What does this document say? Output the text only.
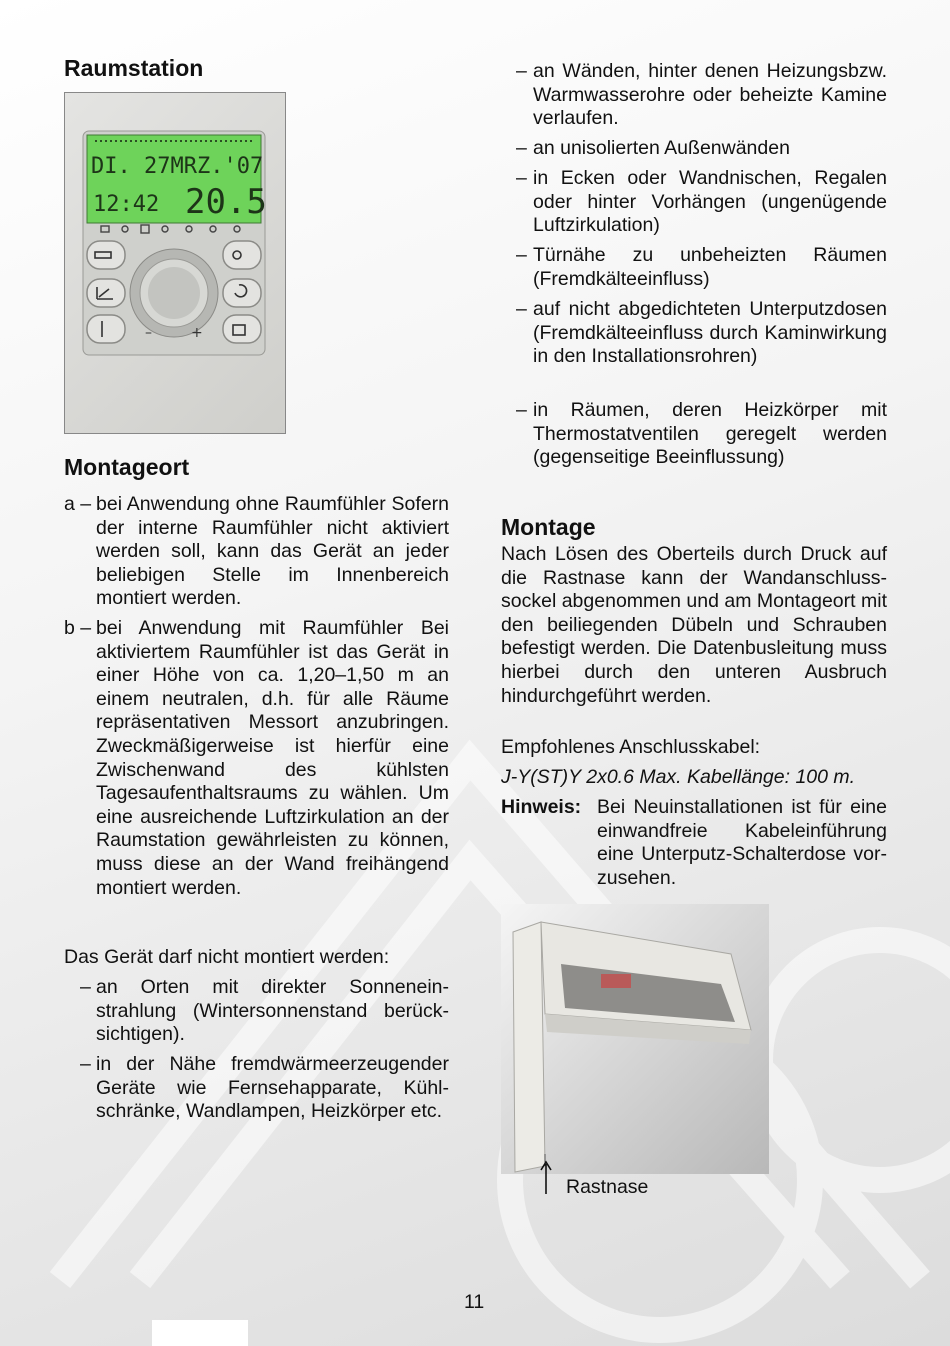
Raumstation
DI. 27MRZ.'07
12:42 20.5
–	+
Montageort
a – bei Anwendung ohne Raumfühler Sofern der interne Raumfühler nicht aktiviert werden soll, kann das Gerät an jeder beliebigen Stelle im Innenbereich montiert werden.
b – bei Anwendung mit Raumfühler Bei aktiviertem Raumfühler ist das Gerät in einer Höhe von ca. 1,20–1,50 m an einem neutralen, d.h. für alle Räume repräsentativen Messort anzubringen. Zweckmäßigerweise ist hierfür eine Zwischenwand des kühlsten Tagesaufenthaltsraums zu wählen. Um eine ausreichende Luftzirkulation an der Raumstation gewährleisten zu können, muss diese an der Wand freihängend montiert werden.
Das Gerät darf nicht montiert werden:
– an Orten mit direkter Sonneneinstrahlung (Wintersonnenstand berücksichtigen).
– in der Nähe fremdwärmeerzeugender Geräte wie Fernsehapparate, Kühlschränke, Wandlampen, Heizkörper etc.
– an Wänden, hinter denen Heizungsbzw. Warmwasserohre oder beheizte Kamine verlaufen.
– an unisolierten Außenwänden
– in Ecken oder Wandnischen, Regalen oder hinter Vorhängen (ungenügende Luftzirkulation)
– Türnähe zu unbeheizten Räumen (Fremdkälteeinfluss)
– auf nicht abgedichteten Unterputzdosen (Fremdkälteeinfluss durch Kaminwirkung in den Installationsrohren)
– in Räumen, deren Heizkörper mit Thermostatventilen geregelt werden (gegenseitige Beeinflussung)
Montage
Nach Lösen des Oberteils durch Druck auf die Rastnase kann der Wandanschlusssockel abgenommen und am Montageort mit den beiliegenden Dübeln und Schrauben befestigt werden. Die Datenbusleitung muss hierbei durch den unteren Ausbruch hindurchgeführt werden.
Empfohlenes Anschlusskabel:
J-Y(ST)Y 2x0.6 Max. Kabellänge: 100 m.
Hinweis: Bei Neuinstallationen ist für eine einwandfreie Kabeleinführung eine Unterputz-Schalterdose vorzusehen.
Rastnase
11
